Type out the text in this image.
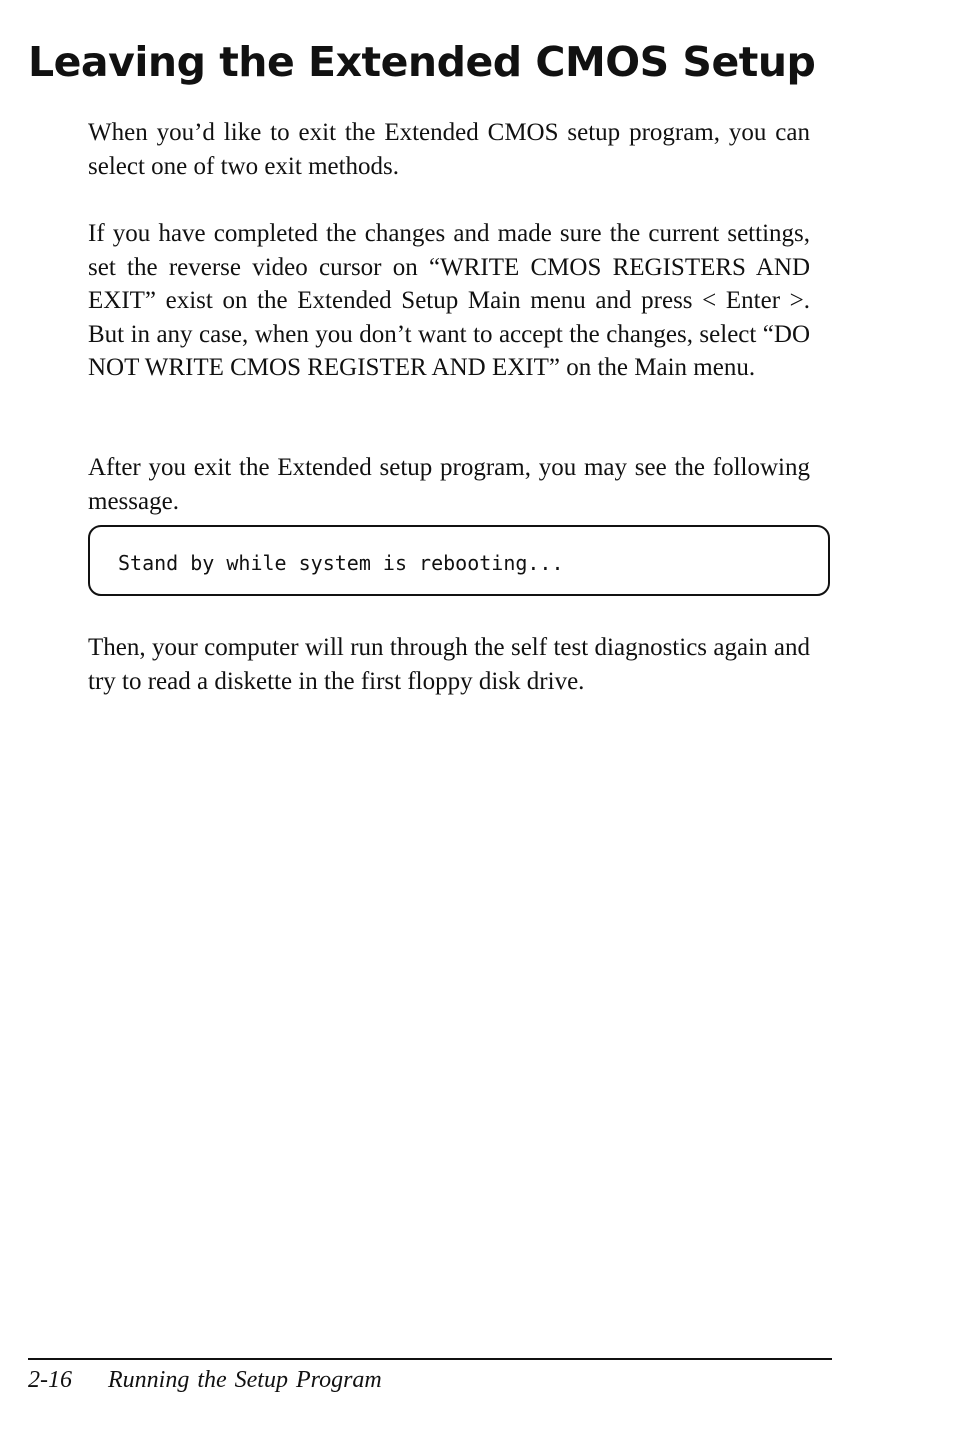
Leaving the Extended CMOS Setup

When you’d like to exit the Extended CMOS setup program, you can select one of two exit methods.

If you have completed the changes and made sure the current settings, set the reverse video cursor on “WRITE CMOS REGISTERS AND EXIT” exist on the Extended Setup Main menu and press < Enter >. But in any case, when you don’t want to accept the changes, select “DO NOT WRITE CMOS REGISTER AND EXIT” on the Main menu.

After you exit the Extended setup program, you may see the following message.

Stand by while system is rebooting...

Then, your computer will run through the self test diagnostics again and try to read a diskette in the first floppy disk drive.

2-16 Running the Setup Program
